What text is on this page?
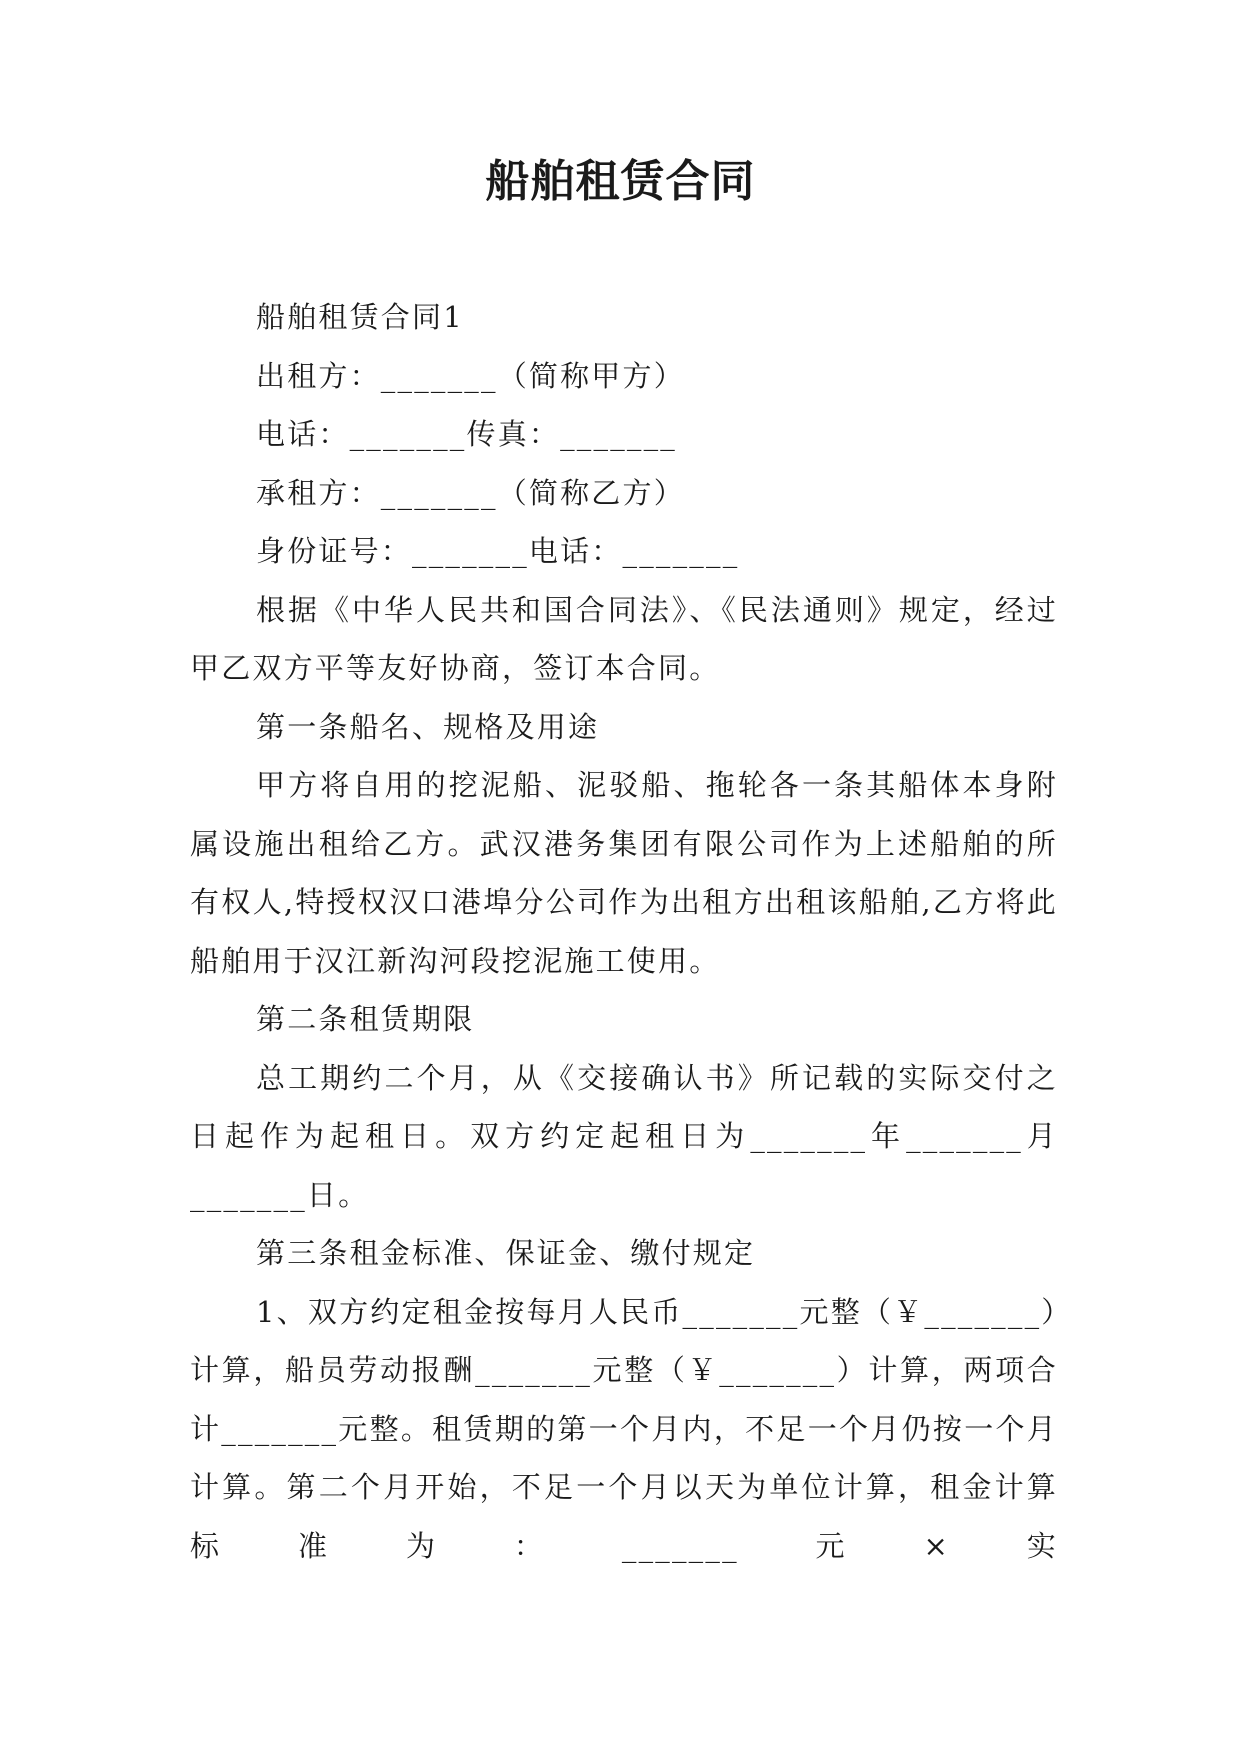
船舶租赁合同

船舶租赁合同1

出租方：_______（简称甲方）

电话：_______传真：_______

承租方：_______（简称乙方）

身份证号：_______电话：_______

根据《中华人民共和国合同法》、《民法通则》规定，经过甲乙双方平等友好协商，签订本合同。

第一条船名、规格及用途

甲方将自用的挖泥船、泥驳船、拖轮各一条其船体本身附属设施出租给乙方。武汉港务集团有限公司作为上述船舶的所有权人,特授权汉口港埠分公司作为出租方出租该船舶,乙方将此船舶用于汉江新沟河段挖泥施工使用。

第二条租赁期限

总工期约二个月，从《交接确认书》所记载的实际交付之日起作为起租日。双方约定起租日为_______年_______月_______日。

第三条租金标准、保证金、缴付规定

1、双方约定租金按每月人民币_______元整（￥_______）计算，船员劳动报酬_______元整（￥_______）计算，两项合计_______元整。租赁期的第一个月内，不足一个月仍按一个月计算。第二个月开始，不足一个月以天为单位计算，租金计算标准为：_______元×实
